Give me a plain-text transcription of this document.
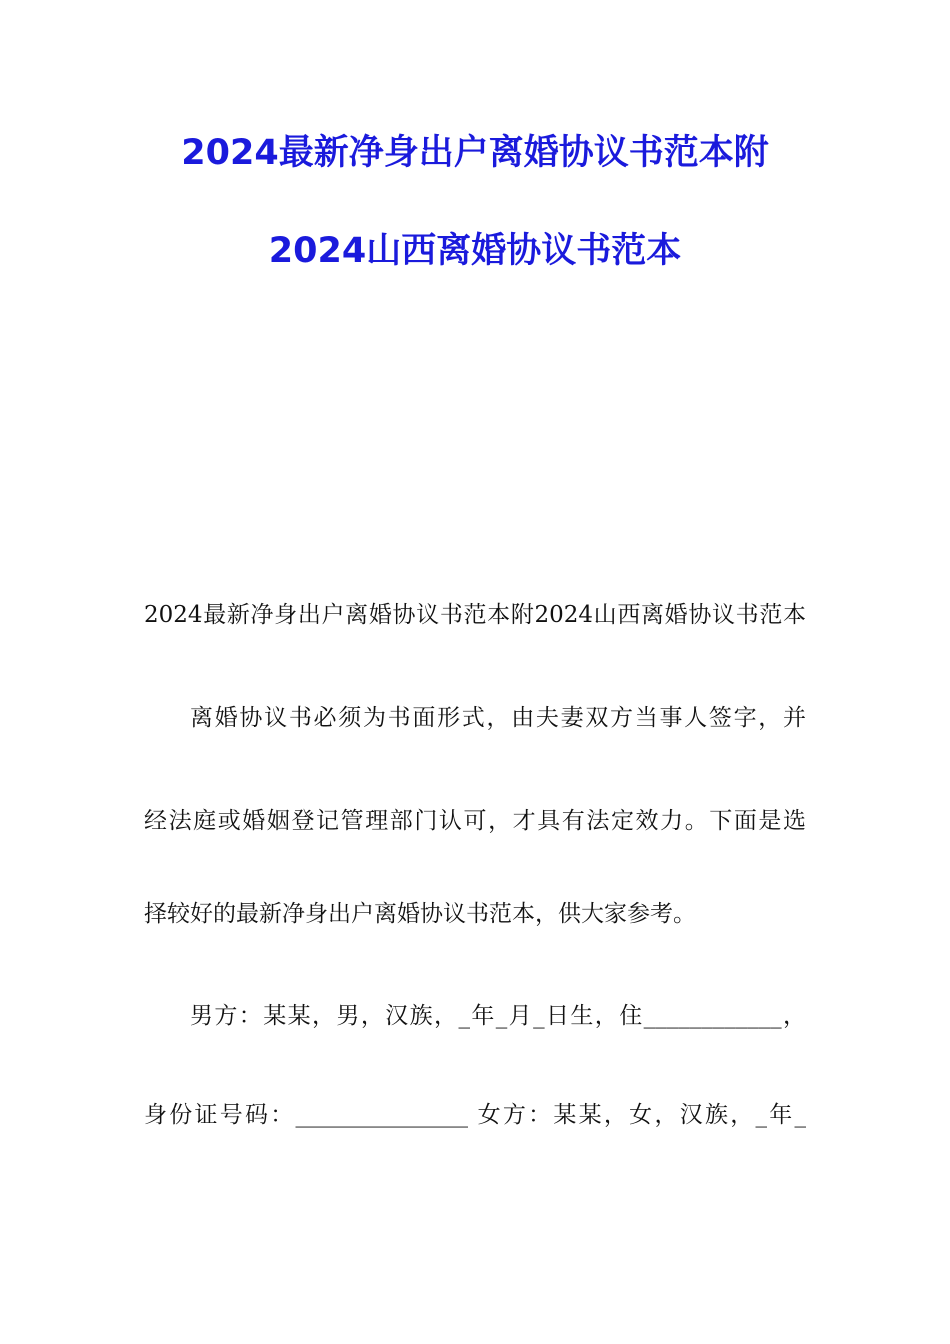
2024最新净身出户离婚协议书范本附
2024山西离婚协议书范本
2024最新净身出户离婚协议书范本附2024山西离婚协议书范本
离婚协议书必须为书面形式，由夫妻双方当事人签字，并
经法庭或婚姻登记管理部门认可，才具有法定效力。下面是选
择较好的最新净身出户离婚协议书范本，供大家参考。
男方：某某，男，汉族，_年_月_日生，住____________，
身份证号码：_______________ 女方：某某，女，汉族，_年_
